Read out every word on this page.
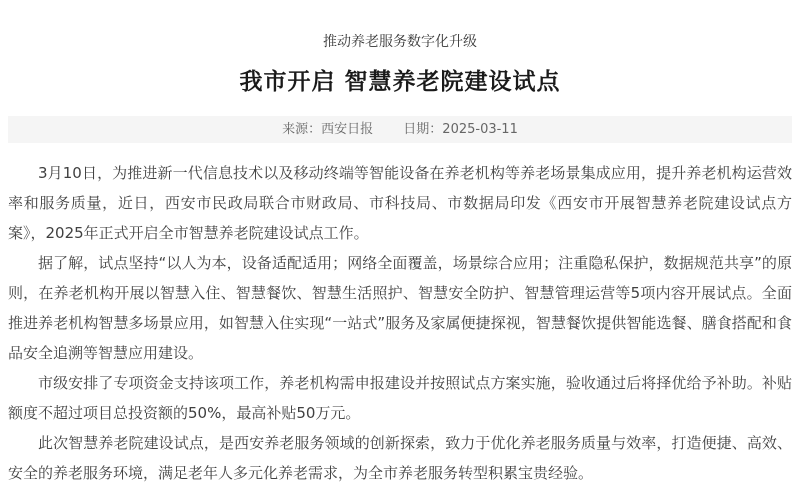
推动养老服务数字化升级
我市开启 智慧养老院建设试点
来源：西安日报 日期：2025-03-11

3月10日，为推进新一代信息技术以及移动终端等智能设备在养老机构等养老场景集成应用，提升养老机构运营效率和服务质量，近日，西安市民政局联合市财政局、市科技局、市数据局印发《西安市开展智慧养老院建设试点方案》，2025年正式开启全市智慧养老院建设试点工作。

据了解，试点坚持“以人为本，设备适配适用；网络全面覆盖，场景综合应用；注重隐私保护，数据规范共享”的原则，在养老机构开展以智慧入住、智慧餐饮、智慧生活照护、智慧安全防护、智慧管理运营等5项内容开展试点。全面推进养老机构智慧多场景应用，如智慧入住实现“一站式”服务及家属便捷探视，智慧餐饮提供智能选餐、膳食搭配和食品安全追溯等智慧应用建设。

市级安排了专项资金支持该项工作，养老机构需申报建设并按照试点方案实施，验收通过后将择优给予补助。补贴额度不超过项目总投资额的50%，最高补贴50万元。

此次智慧养老院建设试点，是西安养老服务领域的创新探索，致力于优化养老服务质量与效率，打造便捷、高效、安全的养老服务环境，满足老年人多元化养老需求，为全市养老服务转型积累宝贵经验。
